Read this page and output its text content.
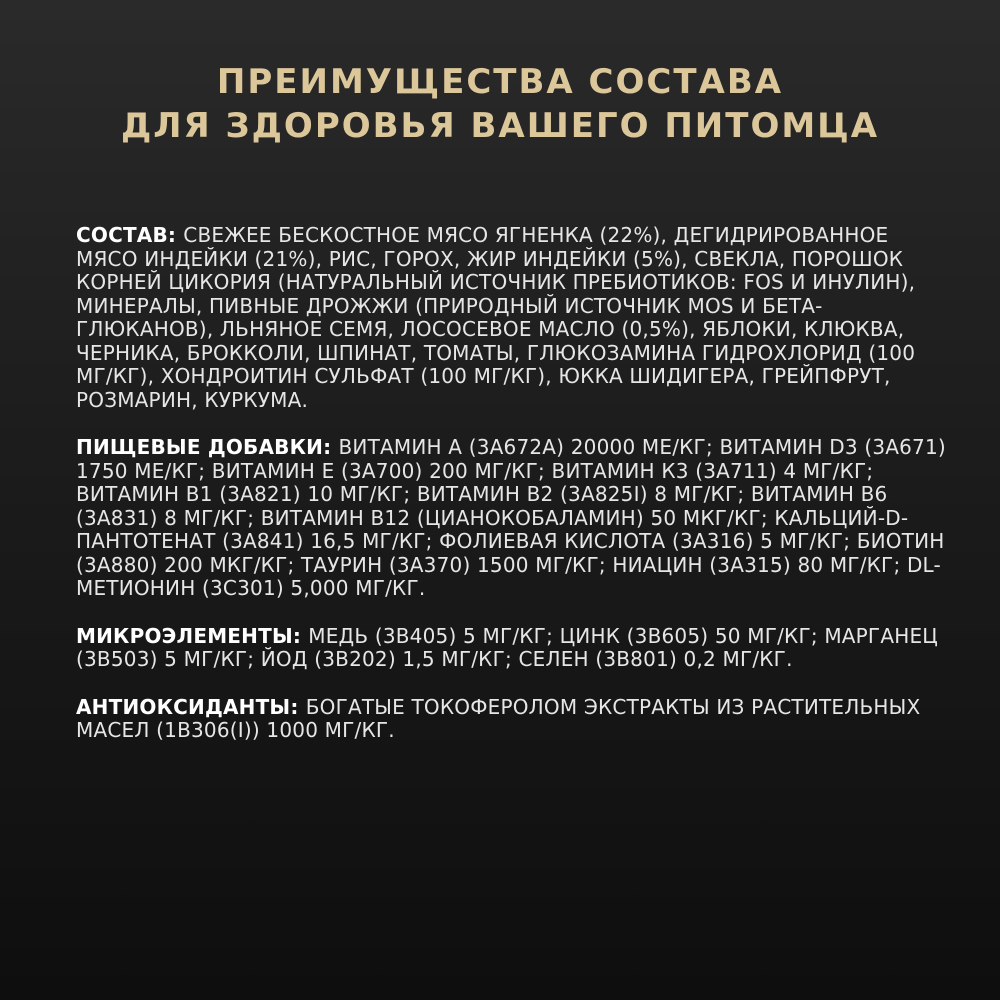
ПРЕИМУЩЕСТВА СОСТАВА
ДЛЯ ЗДОРОВЬЯ ВАШЕГО ПИТОМЦА

СОСТАВ: СВЕЖЕЕ БЕСКОСТНОЕ МЯСО ЯГНЕНКА (22%), ДЕГИДРИРОВАННОЕ МЯСО ИНДЕЙКИ (21%), РИС, ГОРОХ, ЖИР ИНДЕЙКИ (5%), СВЕКЛА, ПОРОШОК КОРНЕЙ ЦИКОРИЯ (НАТУРАЛЬНЫЙ ИСТОЧНИК ПРЕБИОТИКОВ: FOS И ИНУЛИН), МИНЕРАЛЫ, ПИВНЫЕ ДРОЖЖИ (ПРИРОДНЫЙ ИСТОЧНИК MOS И БЕТА-ГЛЮКАНОВ), ЛЬНЯНОЕ СЕМЯ, ЛОСОСЕВОЕ МАСЛО (0,5%), ЯБЛОКИ, КЛЮКВА, ЧЕРНИКА, БРОККОЛИ, ШПИНАТ, ТОМАТЫ, ГЛЮКОЗАМИНА ГИДРОХЛОРИД (100 МГ/КГ), ХОНДРОИТИН СУЛЬФАТ (100 МГ/КГ), ЮККА ШИДИГЕРА, ГРЕЙПФРУТ, РОЗМАРИН, КУРКУМА.

ПИЩЕВЫЕ ДОБАВКИ: ВИТАМИН А (3А672А) 20000 МЕ/КГ; ВИТАМИН D3 (3А671) 1750 МЕ/КГ; ВИТАМИН Е (3А700) 200 МГ/КГ; ВИТАМИН К3 (3А711) 4 МГ/КГ; ВИТАМИН В1 (3А821) 10 МГ/КГ; ВИТАМИН В2 (3А825I) 8 МГ/КГ; ВИТАМИН В6 (3А831) 8 МГ/КГ; ВИТАМИН В12 (ЦИАНОКОБАЛАМИН) 50 МКГ/КГ; КАЛЬЦИЙ-D-ПАНТОТЕНАТ (3А841) 16,5 МГ/КГ; ФОЛИЕВАЯ КИСЛОТА (3А316) 5 МГ/КГ; БИОТИН (3А880) 200 МКГ/КГ; ТАУРИН (3А370) 1500 МГ/КГ; НИАЦИН (3А315) 80 МГ/КГ; DL-МЕТИОНИН (3С301) 5,000 МГ/КГ.

МИКРОЭЛЕМЕНТЫ: МЕДЬ (3В405) 5 МГ/КГ; ЦИНК (3В605) 50 МГ/КГ; МАРГАНЕЦ (3В503) 5 МГ/КГ; ЙОД (3В202) 1,5 МГ/КГ; СЕЛЕН (3В801) 0,2 МГ/КГ.

АНТИОКСИДАНТЫ: БОГАТЫЕ ТОКОФЕРОЛОМ ЭКСТРАКТЫ ИЗ РАСТИТЕЛЬНЫХ МАСЕЛ (1В306(I)) 1000 МГ/КГ.
